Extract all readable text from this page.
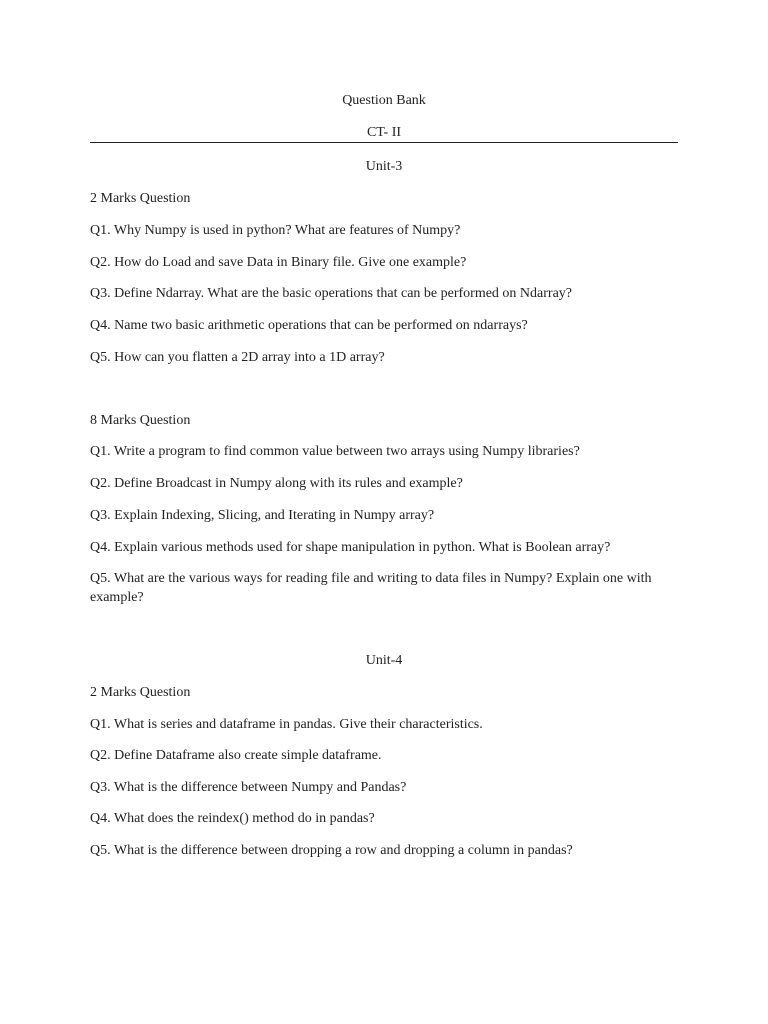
Question Bank
CT- II
Unit-3
2 Marks Question
Q1. Why Numpy is used in python? What are features of Numpy?
Q2. How do Load and save Data in Binary file. Give one example?
Q3. Define Ndarray. What are the basic operations that can be performed on Ndarray?
Q4. Name two basic arithmetic operations that can be performed on ndarrays?
Q5. How can you flatten a 2D array into a 1D array?
8 Marks Question
Q1. Write a program to find common value between two arrays using Numpy libraries?
Q2. Define Broadcast in Numpy along with its rules and example?
Q3. Explain Indexing, Slicing, and Iterating in Numpy array?
Q4. Explain various methods used for shape manipulation in python. What is Boolean array?
Q5. What are the various ways for reading file and writing to data files in Numpy? Explain one with example?
Unit-4
2 Marks Question
Q1. What is series and dataframe in pandas. Give their characteristics.
Q2. Define Dataframe also create simple dataframe.
Q3. What is the difference between Numpy and Pandas?
Q4. What does the reindex() method do in pandas?
Q5. What is the difference between dropping a row and dropping a column in pandas?
